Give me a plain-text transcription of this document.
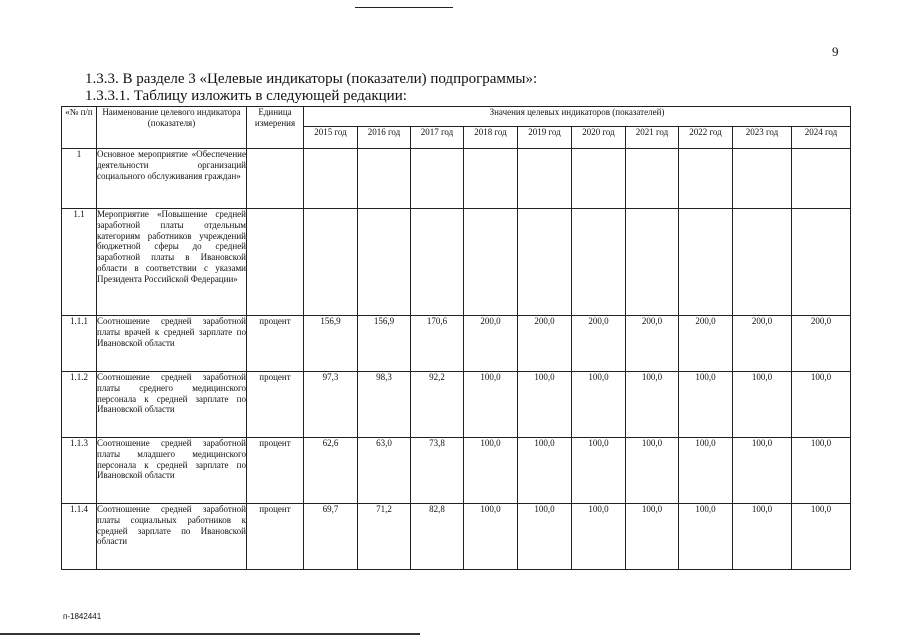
9
1.3.3. В разделе 3 «Целевые индикаторы (показатели) подпрограммы»:
1.3.3.1. Таблицу изложить в следующей редакции:
«№ п/п	Наименование целевого индикатора (показателя)	Единица измерения	Значения целевых индикаторов (показателей)									
			2015 год	2016 год	2017 год	2018 год	2019 год	2020 год	2021 год	2022 год	2023 год	2024 год
1	Основное мероприятие «Обеспечение деятельности организаций социального обслуживания граждан»											
1.1	Мероприятие «Повышение средней заработной платы отдельным категориям работников учреждений бюджетной сферы до средней заработной платы в Ивановской области в соответствии с указами Президента Российской Федерации»											
1.1.1	Соотношение средней заработной платы врачей к средней зарплате по Ивановской области	процент	156,9	156,9	170,6	200,0	200,0	200,0	200,0	200,0	200,0	200,0
1.1.2	Соотношение средней заработной платы среднего медицинского персонала к средней зарплате по Ивановской области	процент	97,3	98,3	92,2	100,0	100,0	100,0	100,0	100,0	100,0	100,0
1.1.3	Соотношение средней заработной платы младшего медицинского персонала к средней зарплате по Ивановской области	процент	62,6	63,0	73,8	100,0	100,0	100,0	100,0	100,0	100,0	100,0
1.1.4	Соотношение средней заработной платы социальных работников к средней зарплате по Ивановской области	процент	69,7	71,2	82,8	100,0	100,0	100,0	100,0	100,0	100,0	100,0
п-1842441
